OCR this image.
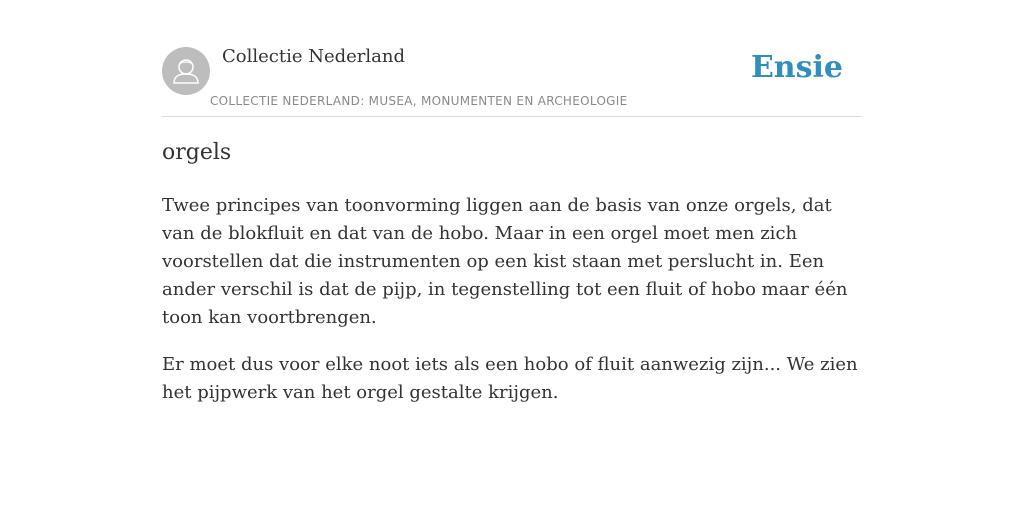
Collectie Nederland
COLLECTIE NEDERLAND: MUSEA, MONUMENTEN EN ARCHEOLOGIE
Ensie
orgels

Twee principes van toonvorming liggen aan de basis van onze orgels, dat van de blokfluit en dat van de hobo. Maar in een orgel moet men zich voorstellen dat die instrumenten op een kist staan met perslucht in. Een ander verschil is dat de pijp, in tegenstelling tot een fluit of hobo maar één toon kan voortbrengen.

Er moet dus voor elke noot iets als een hobo of fluit aanwezig zijn... We zien het pijpwerk van het orgel gestalte krijgen.
